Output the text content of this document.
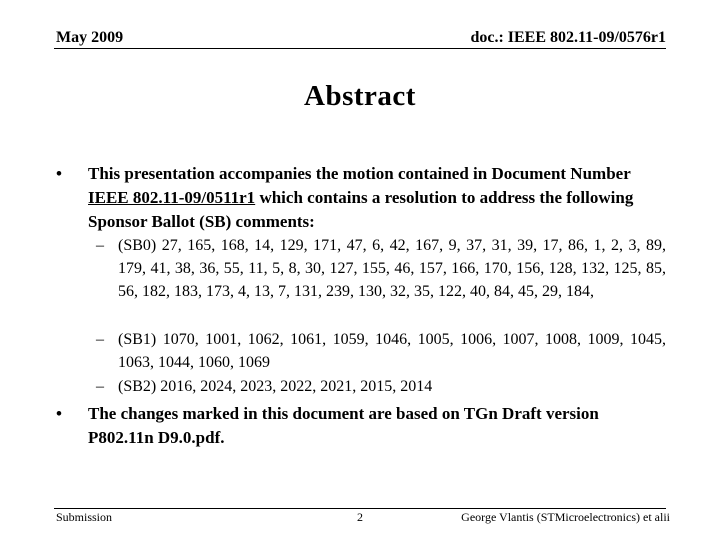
May 2009	doc.: IEEE 802.11-09/0576r1
Abstract
•	This presentation accompanies the motion contained in Document Number IEEE 802.11-09/0511r1 which contains a resolution to address the following Sponsor Ballot (SB) comments:
– (SB0) 27, 165, 168, 14, 129, 171, 47, 6, 42, 167, 9, 37, 31, 39, 17, 86, 1, 2, 3, 89, 179, 41, 38, 36, 55, 11, 5, 8, 30, 127, 155, 46, 157, 166, 170, 156, 128, 132, 125, 85, 56, 182, 183, 173, 4, 13, 7, 131, 239, 130, 32, 35, 122, 40, 84, 45, 29, 184,
– (SB1) 1070, 1001, 1062, 1061, 1059, 1046, 1005, 1006, 1007, 1008, 1009, 1045, 1063, 1044, 1060, 1069
– (SB2) 2016, 2024, 2023, 2022, 2021, 2015, 2014
•	The changes marked in this document are based on TGn Draft version P802.11n D9.0.pdf.
Submission	2	George Vlantis (STMicroelectronics) et alii
